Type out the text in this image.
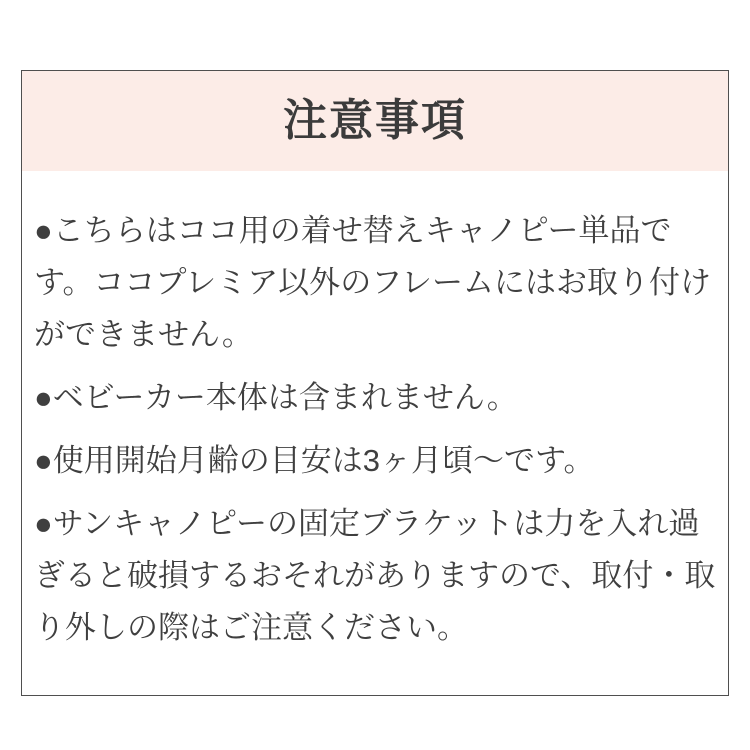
注意事項

●こちらはココ用の着せ替えキャノピー単品です。ココプレミア以外のフレームにはお取り付けができません。

●ベビーカー本体は含まれません。

●使用開始月齢の目安は3ヶ月頃～です。

●サンキャノピーの固定ブラケットは力を入れ過ぎると破損するおそれがありますので、取付・取り外しの際はご注意ください。
